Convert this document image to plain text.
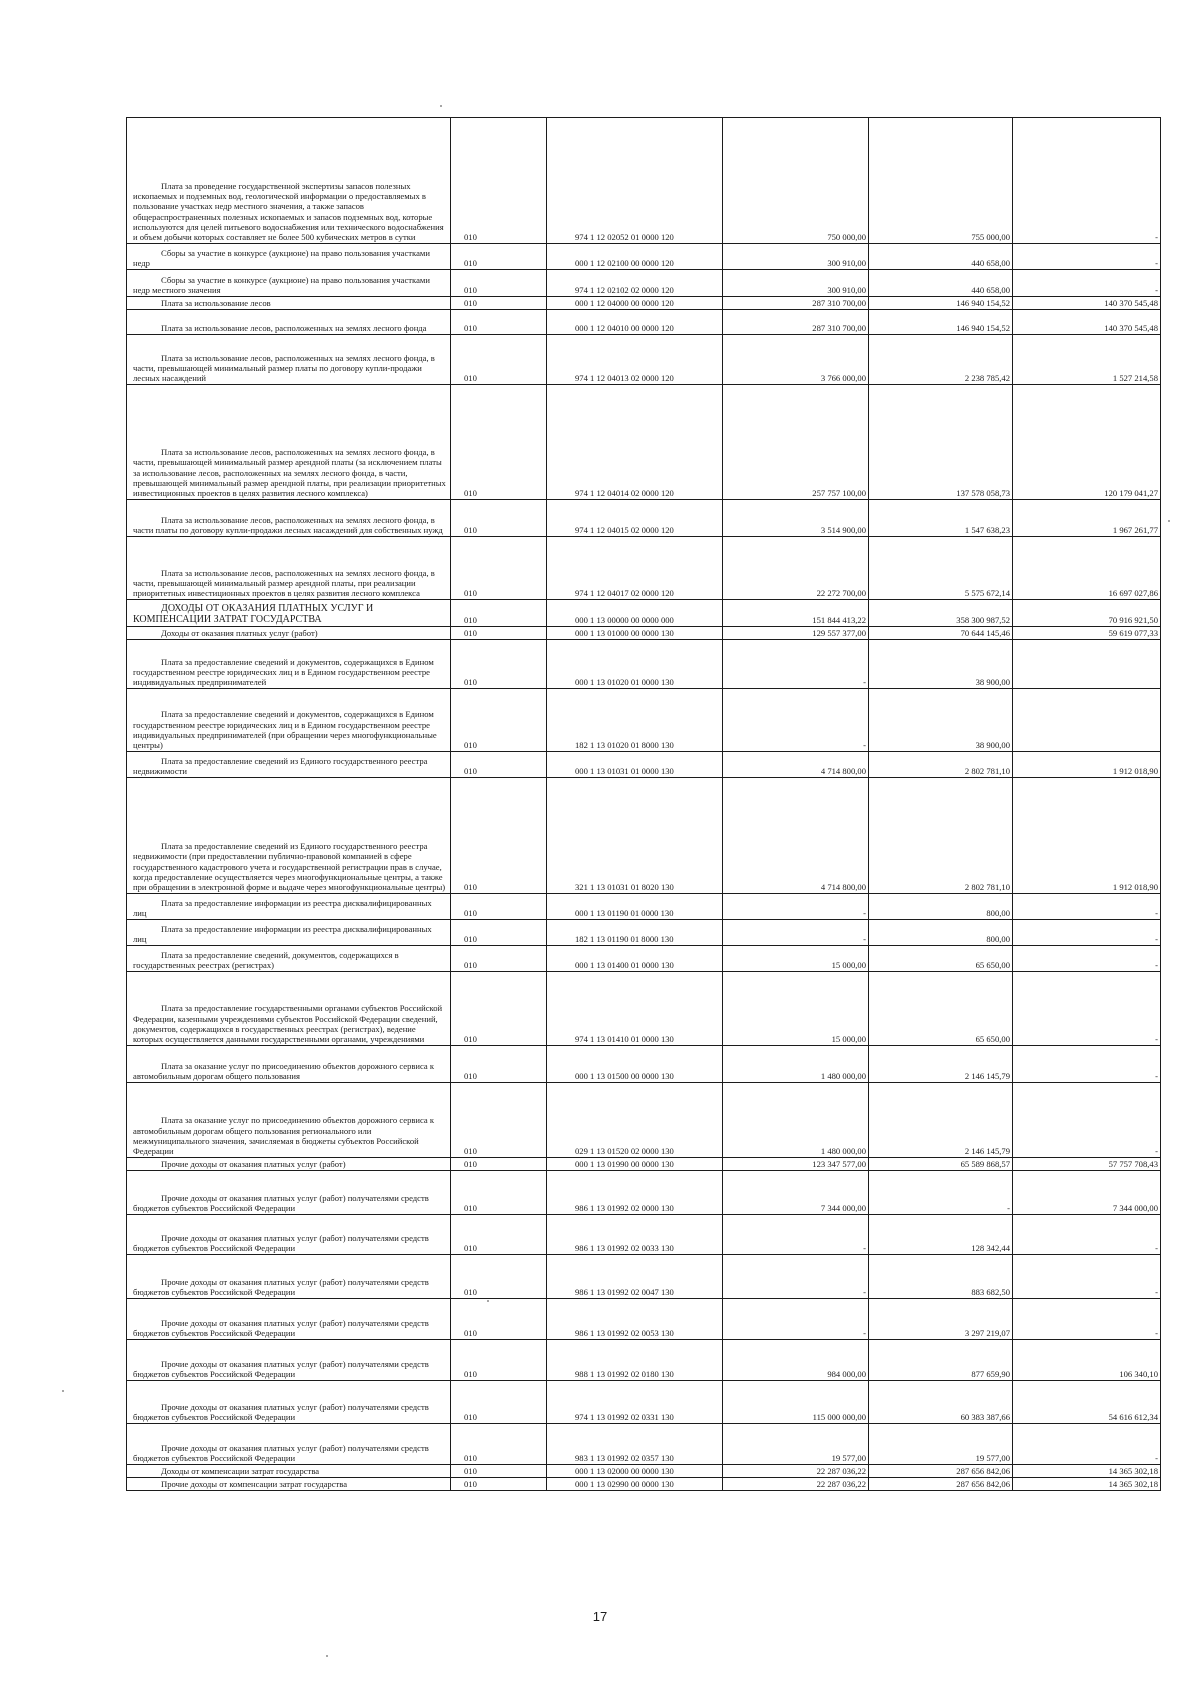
Плата за проведение государственной экспертизы запасов полезных ископаемых и подземных вод, геологической информации о предоставляемых в пользование участках недр местного значения, а также запасов общераспространенных полезных ископаемых и запасов подземных вод, которые используются для целей питьевого водоснабжения или технического водоснабжения и объем добычи которых составляет не более 500 кубических метров в сутки	010	974 1 12 02052 01 0000 120	750 000,00	755 000,00	-
Сборы за участие в конкурсе (аукционе) на право пользования участками недр	010	000 1 12 02100 00 0000 120	300 910,00	440 658,00	-
Сборы за участие в конкурсе (аукционе) на право пользования участками недр местного значения	010	974 1 12 02102 02 0000 120	300 910,00	440 658,00	-
Плата за использование лесов	010	000 1 12 04000 00 0000 120	287 310 700,00	146 940 154,52	140 370 545,48
Плата за использование лесов, расположенных на землях лесного фонда	010	000 1 12 04010 00 0000 120	287 310 700,00	146 940 154,52	140 370 545,48
Плата за использование лесов, расположенных на землях лесного фонда, в части, превышающей минимальный размер платы по договору купли-продажи лесных насаждений	010	974 1 12 04013 02 0000 120	3 766 000,00	2 238 785,42	1 527 214,58
Плата за использование лесов, расположенных на землях лесного фонда, в части, превышающей минимальный размер арендной платы (за исключением платы за использование лесов, расположенных на землях лесного фонда, в части, превышающей минимальный размер арендной платы, при реализации приоритетных инвестиционных проектов в целях развития лесного комплекса)	010	974 1 12 04014 02 0000 120	257 757 100,00	137 578 058,73	120 179 041,27
Плата за использование лесов, расположенных на землях лесного фонда, в части платы по договору купли-продажи лесных насаждений для собственных нужд	010	974 1 12 04015 02 0000 120	3 514 900,00	1 547 638,23	1 967 261,77
Плата за использование лесов, расположенных на землях лесного фонда, в части, превышающей минимальный размер арендной платы, при реализации приоритетных инвестиционных проектов в целях развития лесного комплекса	010	974 1 12 04017 02 0000 120	22 272 700,00	5 575 672,14	16 697 027,86
ДОХОДЫ ОТ ОКАЗАНИЯ ПЛАТНЫХ УСЛУГ И КОМПЕНСАЦИИ ЗАТРАТ ГОСУДАРСТВА	010	000 1 13 00000 00 0000 000	151 844 413,22	358 300 987,52	70 916 921,50
Доходы от оказания платных услуг (работ)	010	000 1 13 01000 00 0000 130	129 557 377,00	70 644 145,46	59 619 077,33
Плата за предоставление сведений и документов, содержащихся в Едином государственном реестре юридических лиц и в Едином государственном реестре индивидуальных предпринимателей	010	000 1 13 01020 01 0000 130	-	38 900,00	
Плата за предоставление сведений и документов, содержащихся в Едином государственном реестре юридических лиц и в Едином государственном реестре индивидуальных предпринимателей (при обращении через многофункциональные центры)	010	182 1 13 01020 01 8000 130	-	38 900,00	
Плата за предоставление сведений из Единого государственного реестра недвижимости	010	000 1 13 01031 01 0000 130	4 714 800,00	2 802 781,10	1 912 018,90
Плата за предоставление сведений из Единого государственного реестра недвижимости (при предоставлении публично-правовой компанией в сфере государственного кадастрового учета и государственной регистрации прав в случае, когда предоставление осуществляется через многофункциональные центры, а также при обращении в электронной форме и выдаче через многофункциональные центры)	010	321 1 13 01031 01 8020 130	4 714 800,00	2 802 781,10	1 912 018,90
Плата за предоставление информации из реестра дисквалифицированных лиц	010	000 1 13 01190 01 0000 130	-	800,00	-
Плата за предоставление информации из реестра дисквалифицированных лиц	010	182 1 13 01190 01 8000 130	-	800,00	-
Плата за предоставление сведений, документов, содержащихся в государственных реестрах (регистрах)	010	000 1 13 01400 01 0000 130	15 000,00	65 650,00	-
Плата за предоставление государственными органами субъектов Российской Федерации, казенными учреждениями субъектов Российской Федерации сведений, документов, содержащихся в государственных реестрах (регистрах), ведение которых осуществляется данными государственными органами, учреждениями	010	974 1 13 01410 01 0000 130	15 000,00	65 650,00	-
Плата за оказание услуг по присоединению объектов дорожного сервиса к автомобильным дорогам общего пользования	010	000 1 13 01500 00 0000 130	1 480 000,00	2 146 145,79	-
Плата за оказание услуг по присоединению объектов дорожного сервиса к автомобильным дорогам общего пользования регионального или межмуниципального значения, зачисляемая в бюджеты субъектов Российской Федерации	010	029 1 13 01520 02 0000 130	1 480 000,00	2 146 145,79	-
Прочие доходы от оказания платных услуг (работ)	010	000 1 13 01990 00 0000 130	123 347 577,00	65 589 868,57	57 757 708,43
Прочие доходы от оказания платных услуг (работ) получателями средств бюджетов субъектов Российской Федерации	010	986 1 13 01992 02 0000 130	7 344 000,00	-	7 344 000,00
Прочие доходы от оказания платных услуг (работ) получателями средств бюджетов субъектов Российской Федерации	010	986 1 13 01992 02 0033 130	-	128 342,44	-
Прочие доходы от оказания платных услуг (работ) получателями средств бюджетов субъектов Российской Федерации	010	986 1 13 01992 02 0047 130	-	883 682,50	-
Прочие доходы от оказания платных услуг (работ) получателями средств бюджетов субъектов Российской Федерации	010	986 1 13 01992 02 0053 130	-	3 297 219,07	-
Прочие доходы от оказания платных услуг (работ) получателями средств бюджетов субъектов Российской Федерации	010	988 1 13 01992 02 0180 130	984 000,00	877 659,90	106 340,10
Прочие доходы от оказания платных услуг (работ) получателями средств бюджетов субъектов Российской Федерации	010	974 1 13 01992 02 0331 130	115 000 000,00	60 383 387,66	54 616 612,34
Прочие доходы от оказания платных услуг (работ) получателями средств бюджетов субъектов Российской Федерации	010	983 1 13 01992 02 0357 130	19 577,00	19 577,00	-
Доходы от компенсации затрат государства	010	000 1 13 02000 00 0000 130	22 287 036,22	287 656 842,06	14 365 302,18
Прочие доходы от компенсации затрат государства	010	000 1 13 02990 00 0000 130	22 287 036,22	287 656 842,06	14 365 302,18
17
